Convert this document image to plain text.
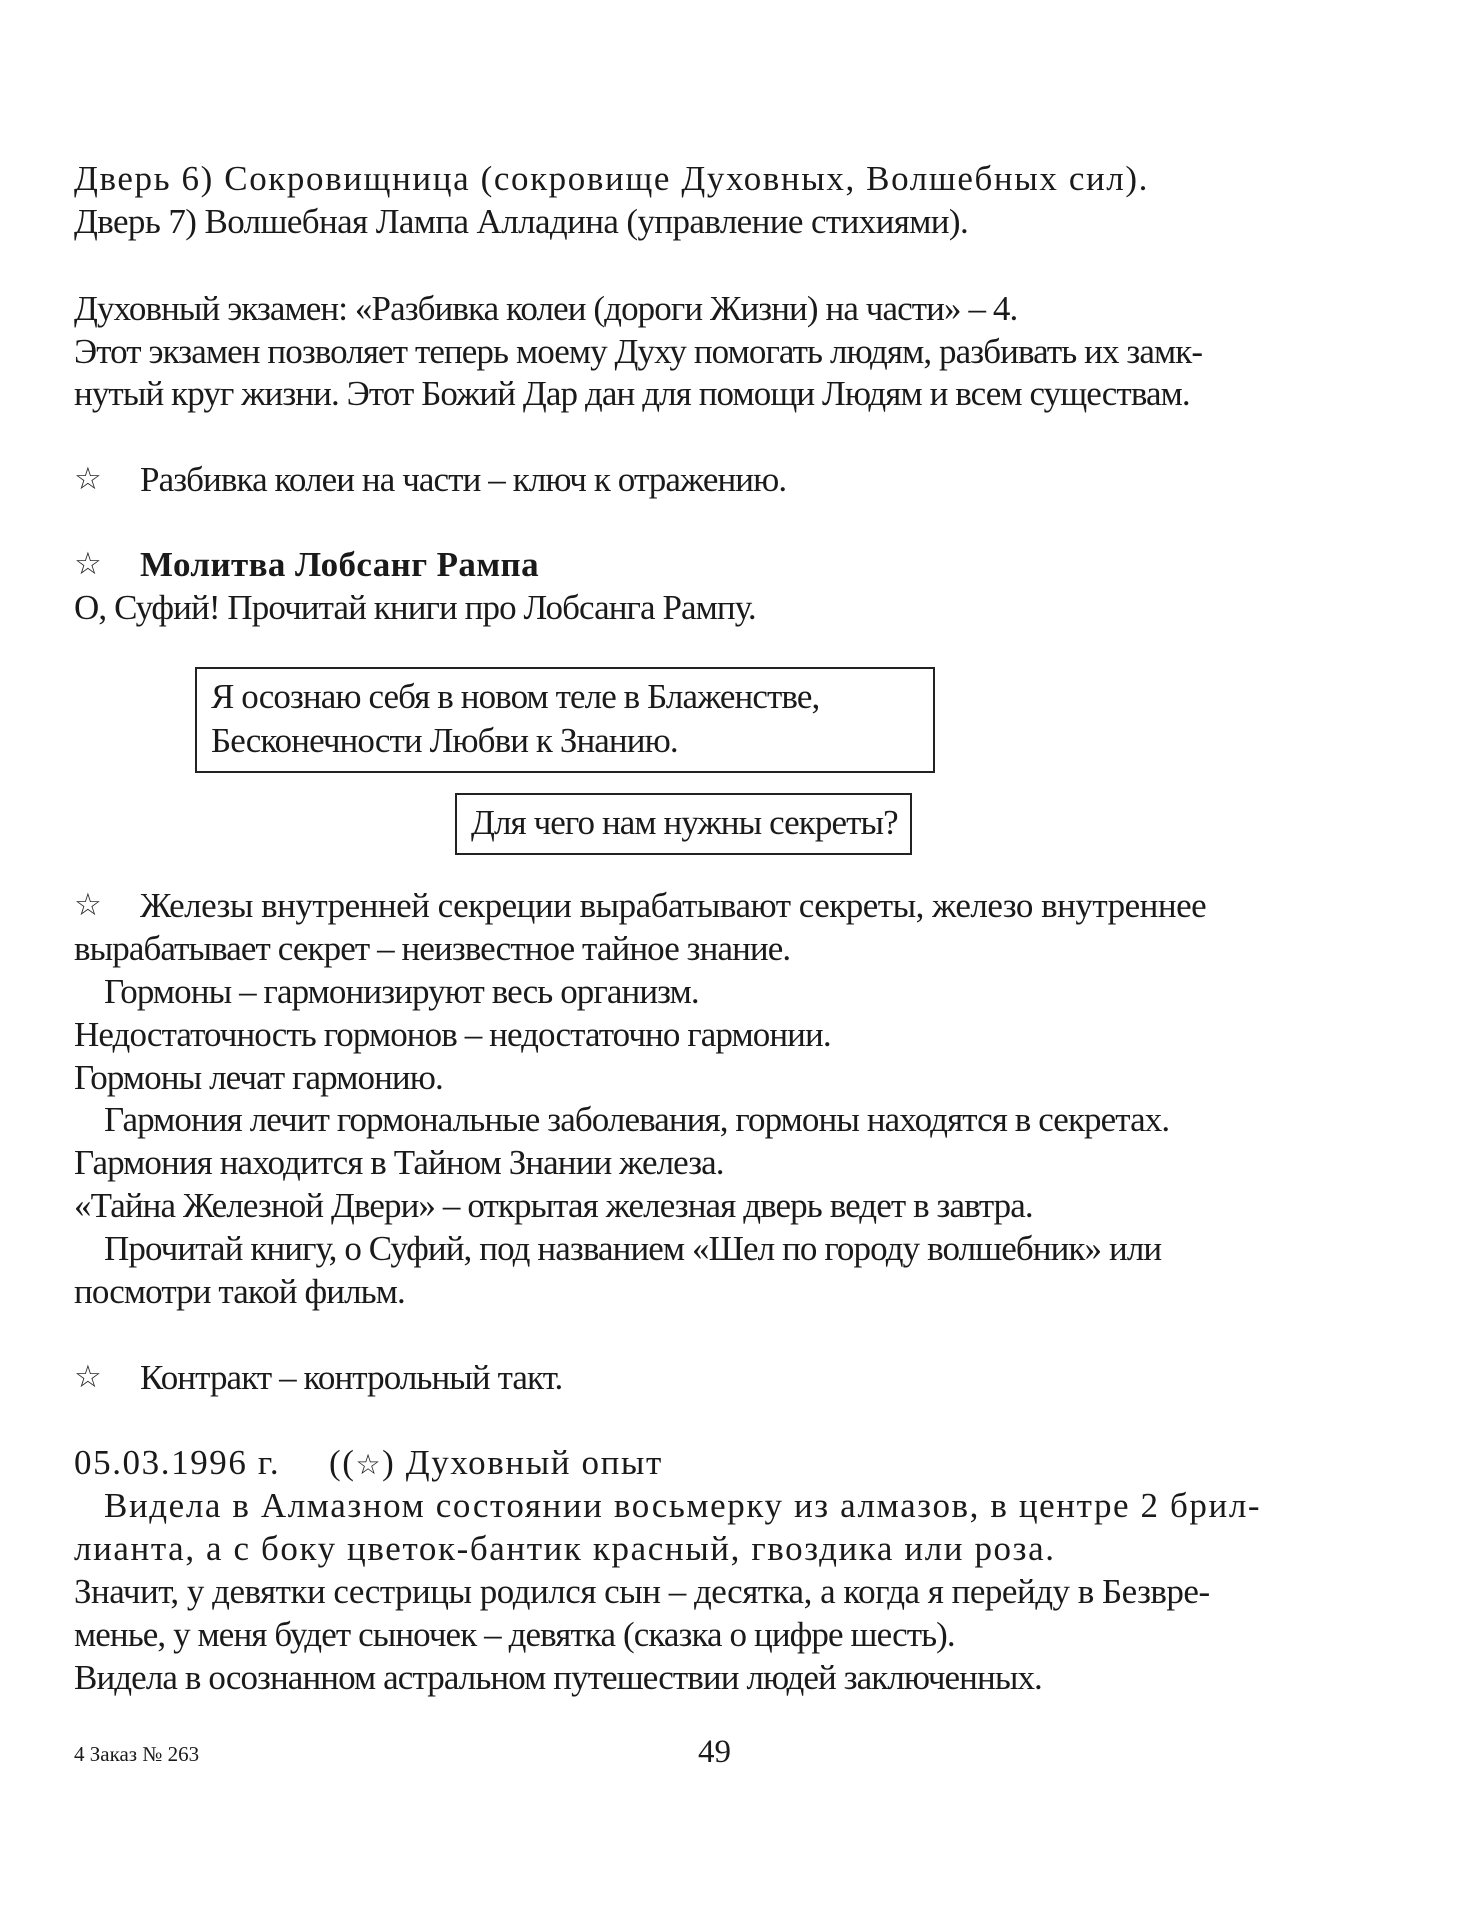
Дверь 6) Сокровищница (сокровище Духовных, Волшебных сил).
Дверь 7) Волшебная Лампа Алладина (управление стихиями).
Духовный экзамен: «Разбивка колеи (дороги Жизни) на части» – 4.
Этот экзамен позволяет теперь моему Духу помогать людям, разбивать их замк-
нутый круг жизни. Этот Божий Дар дан для помощи Людям и всем существам.
☆ Разбивка колеи на части – ключ к отражению.
☆ Молитва Лобсанг Рампа
О, Суфий! Прочитай книги про Лобсанга Рампу.
Я осознаю себя в новом теле в Блаженстве,
Бесконечности Любви к Знанию.
Для чего нам нужны секреты?
☆ Железы внутренней секреции вырабатывают секреты, железо внутреннее
вырабатывает секрет – неизвестное тайное знание.
Гормоны – гармонизируют весь организм.
Недостаточность гормонов – недостаточно гармонии.
Гормоны лечат гармонию.
Гармония лечит гормональные заболевания, гормоны находятся в секретах.
Гармония находится в Тайном Знании железа.
«Тайна Железной Двери» – открытая железная дверь ведет в завтра.
Прочитай книгу, о Суфий, под названием «Шел по городу волшебник» или
посмотри такой фильм.
☆ Контракт – контрольный такт.
05.03.1996 г. ((☆) Духовный опыт
Видела в Алмазном состоянии восьмерку из алмазов, в центре 2 брил-
лианта, а с боку цветок-бантик красный, гвоздика или роза.
Значит, у девятки сестрицы родился сын – десятка, а когда я перейду в Безвре-
менье, у меня будет сыночек – девятка (сказка о цифре шесть).
Видела в осознанном астральном путешествии людей заключенных.
4 Заказ № 263	49
